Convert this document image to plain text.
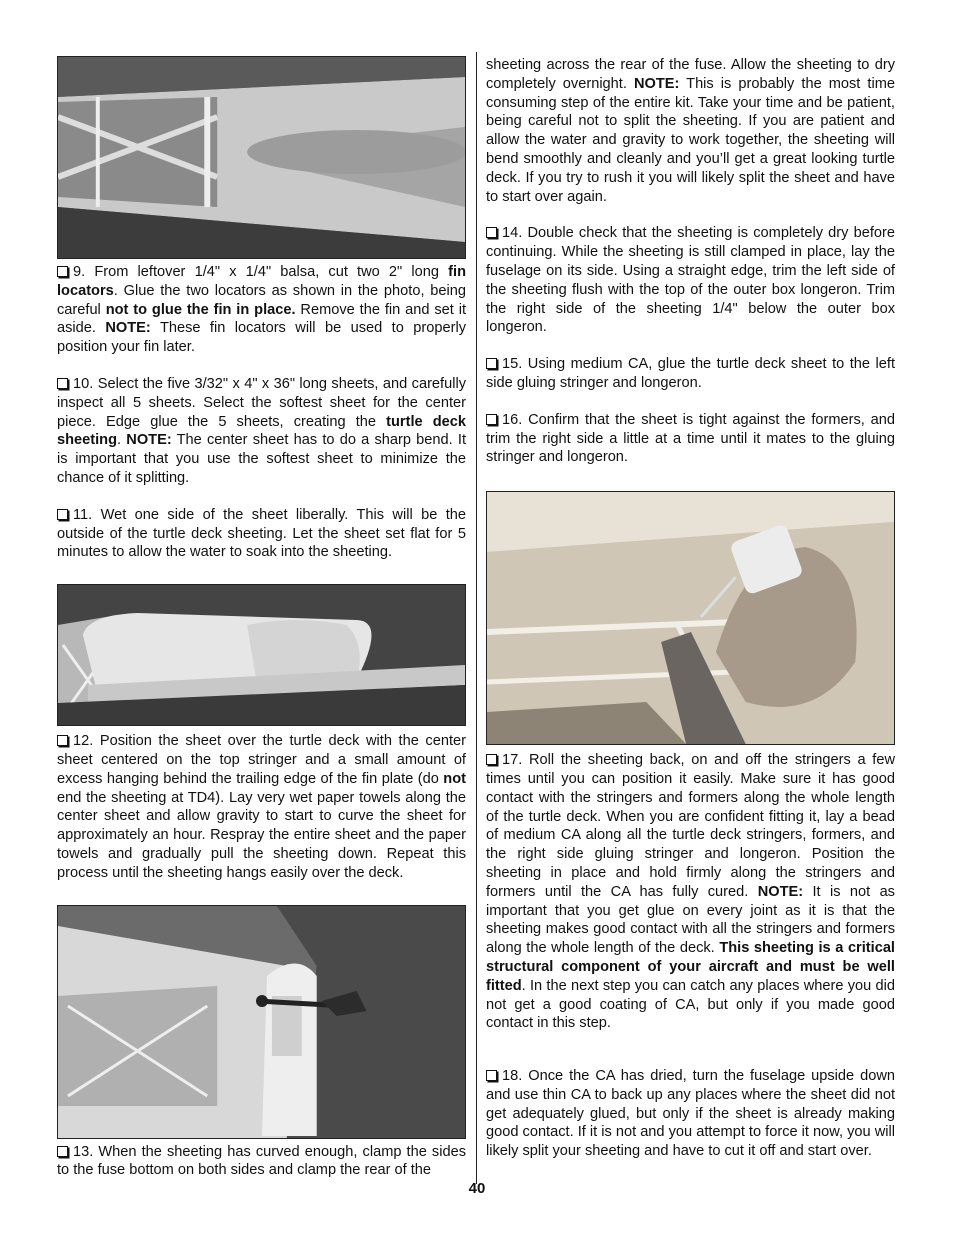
9. From leftover 1/4" x 1/4" balsa, cut two 2" long fin locators. Glue the two locators as shown in the photo, being careful not to glue the fin in place. Remove the fin and set it aside. NOTE: These fin locators will be used to properly position your fin later.

10. Select the five 3/32" x 4" x 36" long sheets, and carefully inspect all 5 sheets. Select the softest sheet for the center piece. Edge glue the 5 sheets, creating the turtle deck sheeting. NOTE: The center sheet has to do a sharp bend. It is important that you use the softest sheet to minimize the chance of it splitting.

11. Wet one side of the sheet liberally. This will be the outside of the turtle deck sheeting. Let the sheet set flat for 5 minutes to allow the water to soak into the sheeting.

12. Position the sheet over the turtle deck with the center sheet centered on the top stringer and a small amount of excess hanging behind the trailing edge of the fin plate (do not end the sheeting at TD4). Lay very wet paper towels along the center sheet and allow gravity to start to curve the sheet for approximately an hour. Respray the entire sheet and the paper towels and gradually pull the sheeting down. Repeat this process until the sheeting hangs easily over the deck.

13. When the sheeting has curved enough, clamp the sides to the fuse bottom on both sides and clamp the rear of the

sheeting across the rear of the fuse. Allow the sheeting to dry completely overnight. NOTE: This is probably the most time consuming step of the entire kit. Take your time and be patient, being careful not to split the sheeting. If you are patient and allow the water and gravity to work together, the sheeting will bend smoothly and cleanly and you’ll get a great looking turtle deck. If you try to rush it you will likely split the sheet and have to start over again.

14. Double check that the sheeting is completely dry before continuing. While the sheeting is still clamped in place, lay the fuselage on its side. Using a straight edge, trim the left side of the sheeting flush with the top of the outer box longeron. Trim the right side of the sheeting 1/4" below the outer box longeron.

15. Using medium CA, glue the turtle deck sheet to the left side gluing stringer and longeron.

16. Confirm that the sheet is tight against the formers, and trim the right side a little at a time until it mates to the gluing stringer and longeron.

17. Roll the sheeting back, on and off the stringers a few times until you can position it easily. Make sure it has good contact with the stringers and formers along the whole length of the turtle deck. When you are confident fitting it, lay a bead of medium CA along all the turtle deck stringers, formers, and the right side gluing stringer and longeron. Position the sheeting in place and hold firmly along the stringers and formers until the CA has fully cured. NOTE: It is not as important that you get glue on every joint as it is that the sheeting makes good contact with all the stringers and formers along the whole length of the deck. This sheeting is a critical structural component of your aircraft and must be well fitted. In the next step you can catch any places where you did not get a good coating of CA, but only if you made good contact in this step.

18. Once the CA has dried, turn the fuselage upside down and use thin CA to back up any places where the sheet did not get adequately glued, but only if the sheet is already making good contact. If it is not and you attempt to force it now, you will likely split your sheeting and have to cut it off and start over.

40
